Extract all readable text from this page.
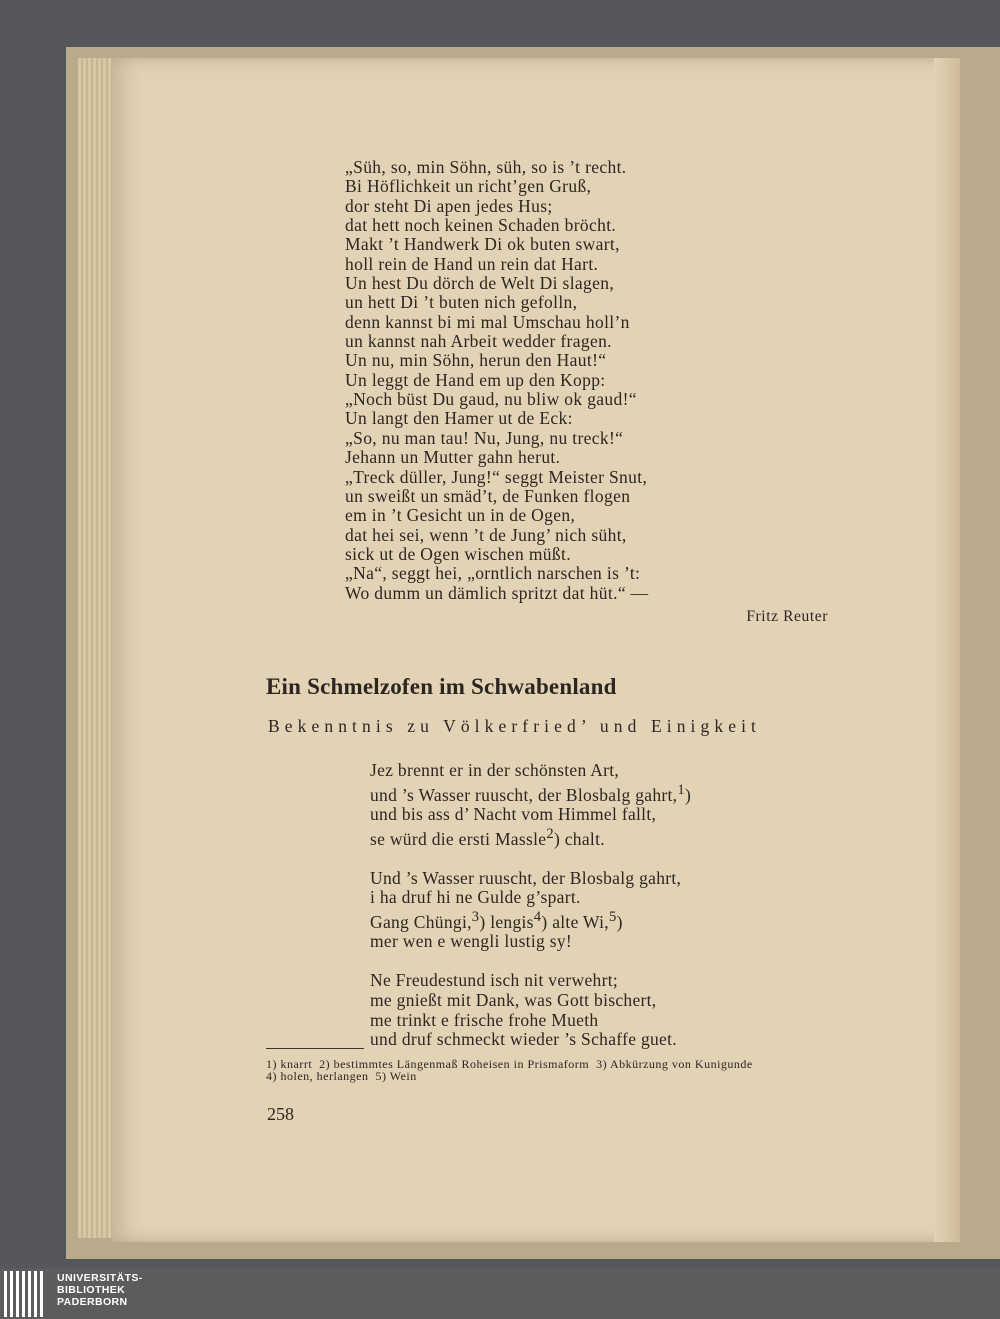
„Süh, so, min Söhn, süh, so is ’t recht.
Bi Höflichkeit un richt’gen Gruß,
dor steht Di apen jedes Hus;
dat hett noch keinen Schaden bröcht.
Makt ’t Handwerk Di ok buten swart,
holl rein de Hand un rein dat Hart.
Un hest Du dörch de Welt Di slagen,
un hett Di ’t buten nich gefolln,
denn kannst bi mi mal Umschau holl’n
un kannst nah Arbeit wedder fragen.
Un nu, min Söhn, herun den Haut!“
Un leggt de Hand em up den Kopp:
„Noch büst Du gaud, nu bliw ok gaud!“
Un langt den Hamer ut de Eck:
„So, nu man tau! Nu, Jung, nu treck!“
Jehann un Mutter gahn herut.
„Treck düller, Jung!“ seggt Meister Snut,
un sweißt un smäd’t, de Funken flogen
em in ’t Gesicht un in de Ogen,
dat hei sei, wenn ’t de Jung’ nich süht,
sick ut de Ogen wischen müßt.
„Na“, seggt hei, „orntlich narschen is ’t:
Wo dumm un dämlich spritzt dat hüt.“ —
Fritz Reuter
Ein Schmelzofen im Schwabenland
Bekenntnis zu Völkerfried’ und Einigkeit
Jez brennt er in der schönsten Art,
und ’s Wasser ruuscht, der Blosbalg gahrt,$^1$)
und bis ass d’ Nacht vom Himmel fallt,
se würd die ersti Massle$^2$) chalt.
Und ’s Wasser ruuscht, der Blosbalg gahrt,
i ha druf hi ne Gulde g’spart.
Gang Chüngi,$^3$) lengis$^4$) alte Wi,$^5$)
mer wen e wengli lustig sy!
Ne Freudestund isch nit verwehrt;
me gnießt mit Dank, was Gott bischert,
me trinkt e frische frohe Mueth
und druf schmeckt wieder ’s Schaffe guet.
1) knarrt  2) bestimmtes Längenmaß Roheisen in Prismaform  3) Abkürzung von Kunigunde
4) holen, herlangen  5) Wein
258
UNIVERSITÄTS-
BIBLIOTHEK
PADERBORN
